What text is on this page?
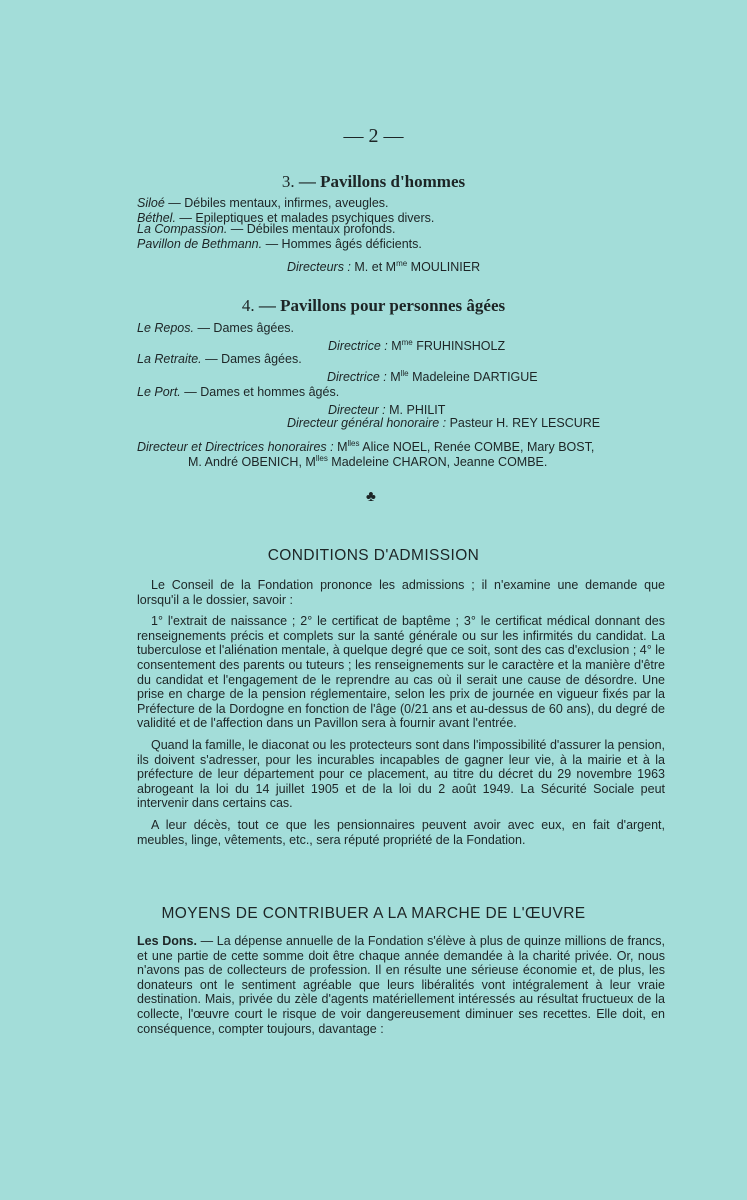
— 2 —
3. — Pavillons d'hommes
Siloé — Débiles mentaux, infirmes, aveugles.
Béthel. — Epileptiques et malades psychiques divers.
La Compassion. — Débiles mentaux profonds.
Pavillon de Bethmann. — Hommes âgés déficients.
Directeurs : M. et $M^{me}$ MOULINIER
4. — Pavillons pour personnes âgées
Le Repos. — Dames âgées.
Directrice : $M^{me}$ FRUHINSHOLZ
La Retraite. — Dames âgées.
Directrice : $M^{lle}$ Madeleine DARTIGUE
Le Port. — Dames et hommes âgés.
Directeur : M. PHILIT
Directeur général honoraire : Pasteur H. REY LESCURE
Directeur et Directrices honoraires : $M^{lles}$ Alice NOEL, Renée COMBE, Mary BOST,
M. André OBENICH, $M^{lles}$ Madeleine CHARON, Jeanne COMBE.
♣
CONDITIONS D'ADMISSION

Le Conseil de la Fondation prononce les admissions ; il n'examine une demande que lorsqu'il a le dossier, savoir :

1° l'extrait de naissance ; 2° le certificat de baptême ; 3° le certificat médical donnant des renseignements précis et complets sur la santé générale ou sur les infirmités du candidat. La tuberculose et l'aliénation mentale, à quelque degré que ce soit, sont des cas d'exclusion ; 4° le consentement des parents ou tuteurs ; les renseignements sur le caractère et la manière d'être du candidat et l'engagement de le reprendre au cas où il serait une cause de désordre. Une prise en charge de la pension réglementaire, selon les prix de journée en vigueur fixés par la Préfecture de la Dordogne en fonction de l'âge (0/21 ans et au-dessus de 60 ans), du degré de validité et de l'affection dans un Pavillon sera à fournir avant l'entrée.

Quand la famille, le diaconat ou les protecteurs sont dans l'impossibilité d'assurer la pension, ils doivent s'adresser, pour les incurables incapables de gagner leur vie, à la mairie et à la préfecture de leur département pour ce placement, au titre du décret du 29 novembre 1963 abrogeant la loi du 14 juillet 1905 et de la loi du 2 août 1949. La Sécurité Sociale peut intervenir dans certains cas.

A leur décès, tout ce que les pensionnaires peuvent avoir avec eux, en fait d'argent, meubles, linge, vêtements, etc., sera réputé propriété de la Fondation.

MOYENS DE CONTRIBUER A LA MARCHE DE L'ŒUVRE

Les Dons. — La dépense annuelle de la Fondation s'élève à plus de quinze millions de francs, et une partie de cette somme doit être chaque année demandée à la charité privée. Or, nous n'avons pas de collecteurs de profession. Il en résulte une sérieuse économie et, de plus, les donateurs ont le sentiment agréable que leurs libéralités vont intégralement à leur vraie destination. Mais, privée du zèle d'agents matériellement intéressés au résultat fructueux de la collecte, l'œuvre court le risque de voir dangereusement diminuer ses recettes. Elle doit, en conséquence, compter toujours, davantage :
